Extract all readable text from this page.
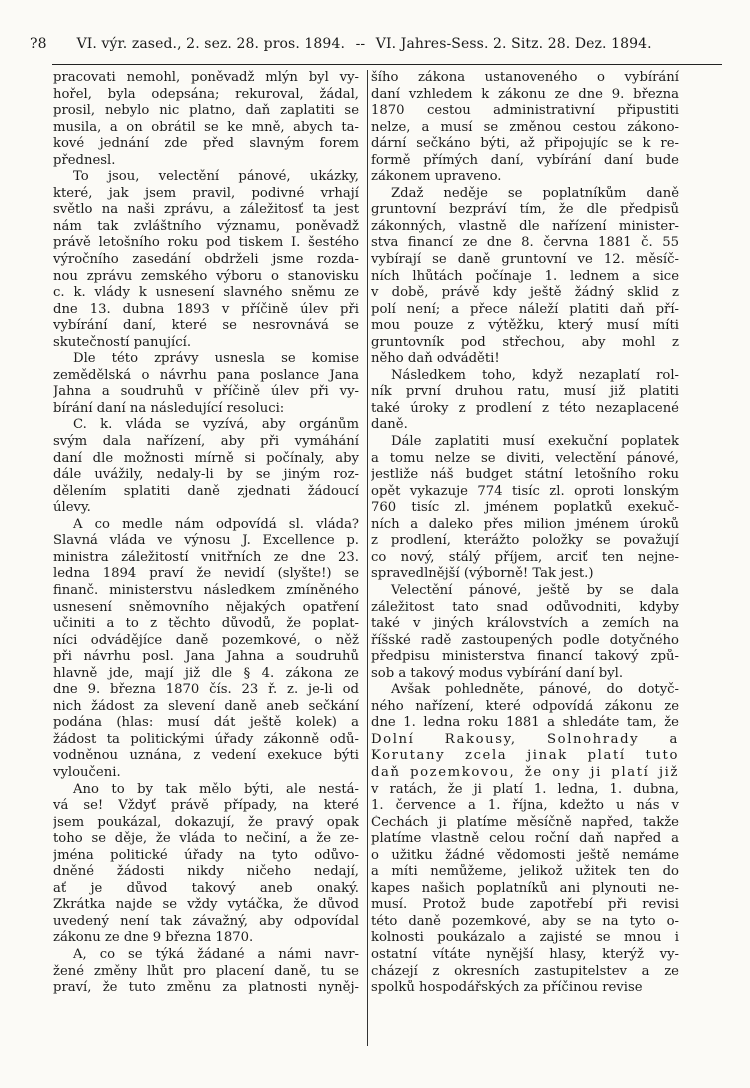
?8 VI. výr. zased., 2. sez. 28. pros. 1894. -- VI. Jahres-Sess. 2. Sitz. 28. Dez. 1894.
pracovati nemohl, poněvadž mlýn byl vy-
hořel, byla odepsána; rekuroval, žádal,
prosil, nebylo nic platno, daň zaplatiti se
musila, a on obrátil se ke mně, abych ta-
kové jednání zde před slavným forem
přednesl.
To jsou, velectění pánové, ukázky,
které, jak jsem pravil, podivné vrhají
světlo na naši zprávu, a záležitosť ta jest
nám tak zvláštního významu, poněvadž
právě letošního roku pod tiskem I. šestého
výročního zasedání obdrželi jsme rozda-
nou zprávu zemského výboru o stanovisku
c. k. vlády k usnesení slavného sněmu ze
dne 13. dubna 1893 v příčině úlev při
vybírání daní, které se nesrovnává se
skutečností panující.
Dle této zprávy usnesla se komise
zemědělská o návrhu pana poslance Jana
Jahna a soudruhů v příčině úlev při vy-
bírání daní na následující resoluci:
C. k. vláda se vyzívá, aby orgánům
svým dala nařízení, aby při vymáhání
daní dle možnosti mírně si počínaly, aby
dále uvážily, nedaly-li by se jiným roz-
dělením splatiti daně zjednati žádoucí
úlevy.
A co medle nám odpovídá sl. vláda?
Slavná vláda ve výnosu J. Excellence p.
ministra záležitostí vnitřních ze dne 23.
ledna 1894 praví že nevidí (slyšte!) se
finanč. ministerstvu následkem zmíněného
usnesení sněmovního nějakých opatření
učiniti a to z těchto důvodů, že poplat-
níci odvádějíce daně pozemkové, o něž
při návrhu posl. Jana Jahna a soudruhů
hlavně jde, mají již dle § 4. zákona ze
dne 9. března 1870 čís. 23 ř. z. je-li od
nich žádost za slevení daně aneb sečkání
podána (hlas: musí dát ještě kolek) a
žádost ta politickými úřady zákonně odů-
vodněnou uznána, z vedení exekuce býti
vyloučeni.
Ano to by tak mělo býti, ale nestá-
vá se! Vždyť právě případy, na které
jsem poukázal, dokazují, že pravý opak
toho se děje, že vláda to nečiní, a že ze-
jména politické úřady na tyto odůvo-
dněné žádosti nikdy ničeho nedají,
ať je důvod takový aneb onaký.
Zkrátka najde se vždy vytáčka, že důvod
uvedený není tak závažný, aby odpovídal
zákonu ze dne 9 března 1870.
A, co se týká žádané a námi navr-
žené změny lhůt pro placení daně, tu se
praví, že tuto změnu za platnosti nyněj-
šího zákona ustanoveného o vybírání
daní vzhledem k zákonu ze dne 9. března
1870 cestou administrativní připustiti
nelze, a musí se změnou cestou zákono-
dární sečkáno býti, až připojujíc se k re-
formě přímých daní, vybírání daní bude
zákonem upraveno.
Zdaž neděje se poplatníkům daně
gruntovní bezpráví tím, že dle předpisů
zákonných, vlastně dle nařízení minister-
stva financí ze dne 8. června 1881 č. 55
vybírají se daně gruntovní ve 12. měsíč-
ních lhůtách počínaje 1. lednem a sice
v době, právě kdy ještě žádný sklid z
polí není; a přece náleží platiti daň pří-
mou pouze z výtěžku, který musí míti
gruntovník pod střechou, aby mohl z
něho daň odváděti!
Následkem toho, když nezaplatí rol-
ník první druhou ratu, musí již platiti
také úroky z prodlení z této nezaplacené
daně.
Dále zaplatiti musí exekuční poplatek
a tomu nelze se diviti, velectění pánové,
jestliže náš budget státní letošního roku
opět vykazuje 774 tisíc zl. oproti lonským
760 tisíc zl. jménem poplatků exekuč-
ních a daleko přes milion jménem úroků
z prodlení, kterážto položky se považují
co nový, stálý příjem, arciť ten nejne-
spravedlnější (výborně! Tak jest.)
Velectění pánové, ještě by se dala
záležitost tato snad odůvodniti, kdyby
také v jiných královstvích a zemích na
říšské radě zastoupených podle dotyčného
předpisu ministerstva financí takový způ-
sob a takový modus vybírání daní byl.
Avšak pohledněte, pánové, do dotyč-
ného nařízení, které odpovídá zákonu ze
dne 1. ledna roku 1881 a shledáte tam, že
Dolní Rakousy, Solnohrady a
Korutany zcela jinak platí tuto
daň pozemkovou, že ony ji platí již
v ratách, že ji platí 1. ledna, 1. dubna,
1. července a 1. října, kdežto u nás v
Čechách ji platíme měsíčně napřed, takže
platíme vlastně celou roční daň napřed a
o užitku žádné vědomosti ještě nemáme
a míti nemůžeme, jelikož užitek ten do
kapes našich poplatníků ani plynouti ne-
musí. Protož bude zapotřebí při revisi
této daně pozemkové, aby se na tyto o-
kolnosti poukázalo a zajisté se mnou i
ostatní vítáte nynější hlasy, kterýž vy-
cházejí z okresních zastupitelstev a ze
spolků hospodářských za příčinou revise
